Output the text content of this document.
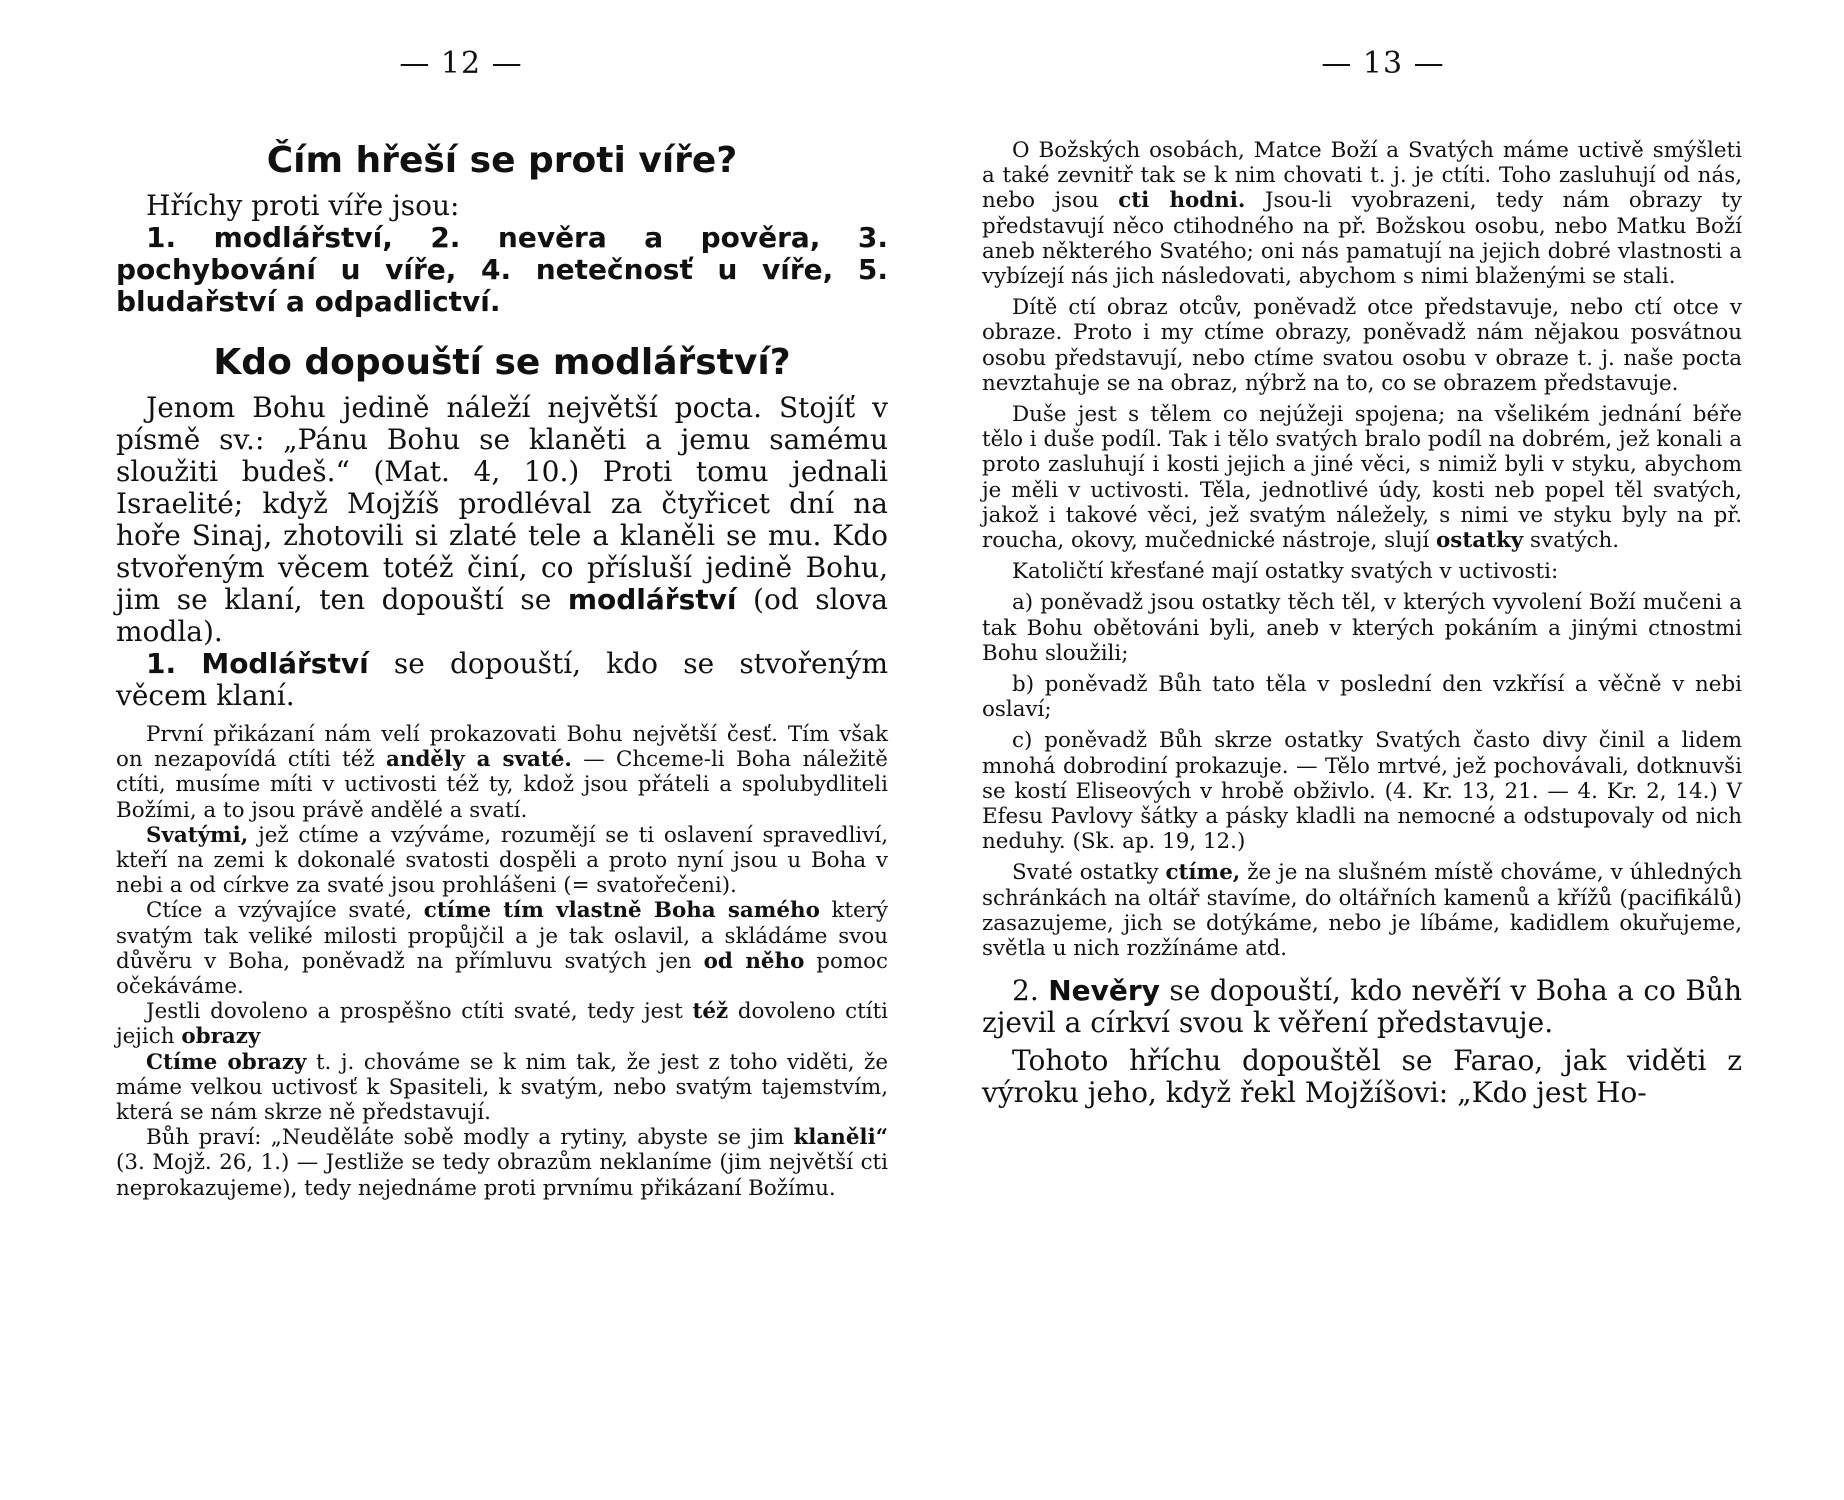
— 12 —
Čím hřeší se proti víře?

Hříchy proti víře jsou:

1. modlářství, 2. nevěra a pověra, 3. pochybování u víře, 4. netečnosť u víře, 5. bludařství a odpadlictví.

Kdo dopouští se modlářství?

Jenom Bohu jedině náleží největší pocta. Stojíť v písmě sv.: „Pánu Bohu se klaněti a jemu samému sloužiti budeš.“ (Mat. 4, 10.) Proti tomu jednali Israelité; když Mojžíš prodléval za čtyřicet dní na hoře Sinaj, zhotovili si zlaté tele a klaněli se mu. Kdo stvořeným věcem totéž činí, co přísluší jedině Bohu, jim se klaní, ten dopouští se modlářství (od slova modla).

1. Modlářství se dopouští, kdo se stvořeným věcem klaní.

První přikázaní nám velí prokazovati Bohu největší česť. Tím však on nezapovídá ctíti též anděly a svaté. — Chceme-li Boha náležitě ctíti, musíme míti v uctivosti též ty, kdož jsou přáteli a spolubydliteli Božími, a to jsou právě andělé a svatí.

Svatými, jež ctíme a vzýváme, rozumějí se ti oslavení spravedliví, kteří na zemi k dokonalé svatosti dospěli a proto nyní jsou u Boha v nebi a od církve za svaté jsou prohlášeni (= svatořečeni).

Ctíce a vzývajíce svaté, ctíme tím vlastně Boha samého který svatým tak veliké milosti propůjčil a je tak oslavil, a skládáme svou důvěru v Boha, poněvadž na přímluvu svatých jen od něho pomoc očekáváme.

Jestli dovoleno a prospěšno ctíti svaté, tedy jest též dovoleno ctíti jejich obrazy

Ctíme obrazy t. j. chováme se k nim tak, že jest z toho viděti, že máme velkou uctivosť k Spasiteli, k svatým, nebo svatým tajemstvím, která se nám skrze ně představují.

Bůh praví: „Neuděláte sobě modly a rytiny, abyste se jim klaněli“ (3. Mojž. 26, 1.) — Jestliže se tedy obrazům neklaníme (jim největší cti neprokazujeme), tedy nejednáme proti prvnímu přikázaní Božímu.

— 13 —

O Božských osobách, Matce Boží a Svatých máme uctivě smýšleti a také zevnitř tak se k nim chovati t. j. je ctíti. Toho zasluhují od nás, nebo jsou cti hodni. Jsou-li vyobrazeni, tedy nám obrazy ty představují něco ctihodného na př. Božskou osobu, nebo Matku Boží aneb některého Svatého; oni nás pamatují na jejich dobré vlastnosti a vybízejí nás jich následovati, abychom s nimi blaženými se stali.

Dítě ctí obraz otcův, poněvadž otce představuje, nebo ctí otce v obraze. Proto i my ctíme obrazy, poněvadž nám nějakou posvátnou osobu představují, nebo ctíme svatou osobu v obraze t. j. naše pocta nevztahuje se na obraz, nýbrž na to, co se obrazem představuje.

Duše jest s tělem co nejúžeji spojena; na všelikém jednání béře tělo i duše podíl. Tak i tělo svatých bralo podíl na dobrém, jež konali a proto zasluhují i kosti jejich a jiné věci, s nimiž byli v styku, abychom je měli v uctivosti. Těla, jednotlivé údy, kosti neb popel těl svatých, jakož i takové věci, jež svatým náležely, s nimi ve styku byly na př. roucha, okovy, mučednické nástroje, slují ostatky svatých.

Katoličtí křesťané mají ostatky svatých v uctivosti:

a) poněvadž jsou ostatky těch těl, v kterých vyvolení Boží mučeni a tak Bohu obětováni byli, aneb v kterých pokáním a jinými ctnostmi Bohu sloužili;

b) poněvadž Bůh tato těla v poslední den vzkřísí a věčně v nebi oslaví;

c) poněvadž Bůh skrze ostatky Svatých často divy činil a lidem mnohá dobrodiní prokazuje. — Tělo mrtvé, jež pochovávali, dotknuvši se kostí Eliseových v hrobě obživlo. (4. Kr. 13, 21. — 4. Kr. 2, 14.) V Efesu Pavlovy šátky a pásky kladli na nemocné a odstupovaly od nich neduhy. (Sk. ap. 19, 12.)

Svaté ostatky ctíme, že je na slušném místě chováme, v úhledných schránkách na oltář stavíme, do oltářních kamenů a křížů (pacifikálů) zasazujeme, jich se dotýkáme, nebo je líbáme, kadidlem okuřujeme, světla u nich rozžínáme atd.

2. Nevěry se dopouští, kdo nevěří v Boha a co Bůh zjevil a církví svou k věření představuje.

Tohoto hříchu dopouštěl se Farao, jak viděti z výroku jeho, když řekl Mojžíšovi: „Kdo jest Ho-
